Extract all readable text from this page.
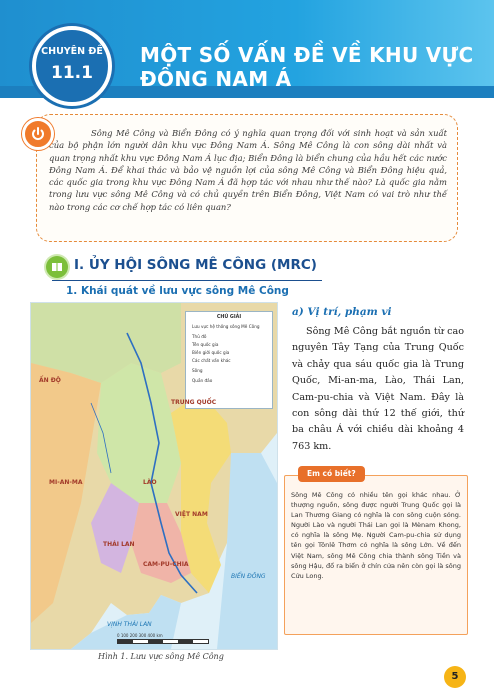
CHUYÊN ĐỀ
11.1
MỘT SỐ VẤN ĐỀ VỀ KHU VỰC
ĐÔNG NAM Á

Sông Mê Công và Biển Đông có ý nghĩa quan trọng đối với sinh hoạt và sản xuất của bộ phận lớn người dân khu vực Đông Nam Á. Sông Mê Công là con sông dài nhất và quan trọng nhất khu vực Đông Nam Á lục địa; Biển Đông là biển chung của hầu hết các nước Đông Nam Á. Để khai thác và bảo vệ nguồn lợi của sông Mê Công và Biển Đông hiệu quả, các quốc gia trong khu vực Đông Nam Á đã hợp tác với nhau như thế nào? Là quốc gia nằm trong lưu vực sông Mê Công và có chủ quyền trên Biển Đông, Việt Nam có vai trò như thế nào trong các cơ chế hợp tác có liên quan?

I. ỦY HỘI SÔNG MÊ CÔNG (MRC)
1. Khái quát về lưu vực sông Mê Công
CHÚ GIẢI
Lưu vực hệ thống sông Mê Công
Thủ đô
Tên quốc gia
Biên giới quốc gia
Các chất vấn khác
Sông
Quần đảo
ẤN ĐỘ
TRUNG QUỐC
MI-AN-MA	LÀO
THÁI LAN
VIỆT NAM
CAM-PU-CHIA
BIỂN ĐÔNG
VỊNH THÁI LAN
0 100 200 300 400 km
Hình 1. Lưu vực sông Mê Công
a) Vị trí, phạm vi

Sông Mê Công bắt nguồn từ cao nguyên Tây Tạng của Trung Quốc và chảy qua sáu quốc gia là Trung Quốc, Mi-an-ma, Lào, Thái Lan, Cam-pu-chia và Việt Nam. Đây là con sông dài thứ 12 thế giới, thứ ba châu Á với chiều dài khoảng 4 763 km.

Sông Mê Công có nhiều tên gọi khác nhau. Ở thượng nguồn, sông được người Trung Quốc gọi là Lan Thương Giang có nghĩa là con sông cuộn sóng. Người Lào và người Thái Lan gọi là Mènam Khong, có nghĩa là sông Mẹ. Người Cam-pu-chia sử dụng tên gọi Tônlê Thơm có nghĩa là sông Lớn. Về đến Việt Nam, sông Mê Công chia thành sông Tiền và sông Hậu, đổ ra biển ở chín cửa nên còn gọi là sông Cửu Long.

Em có biết?
5
